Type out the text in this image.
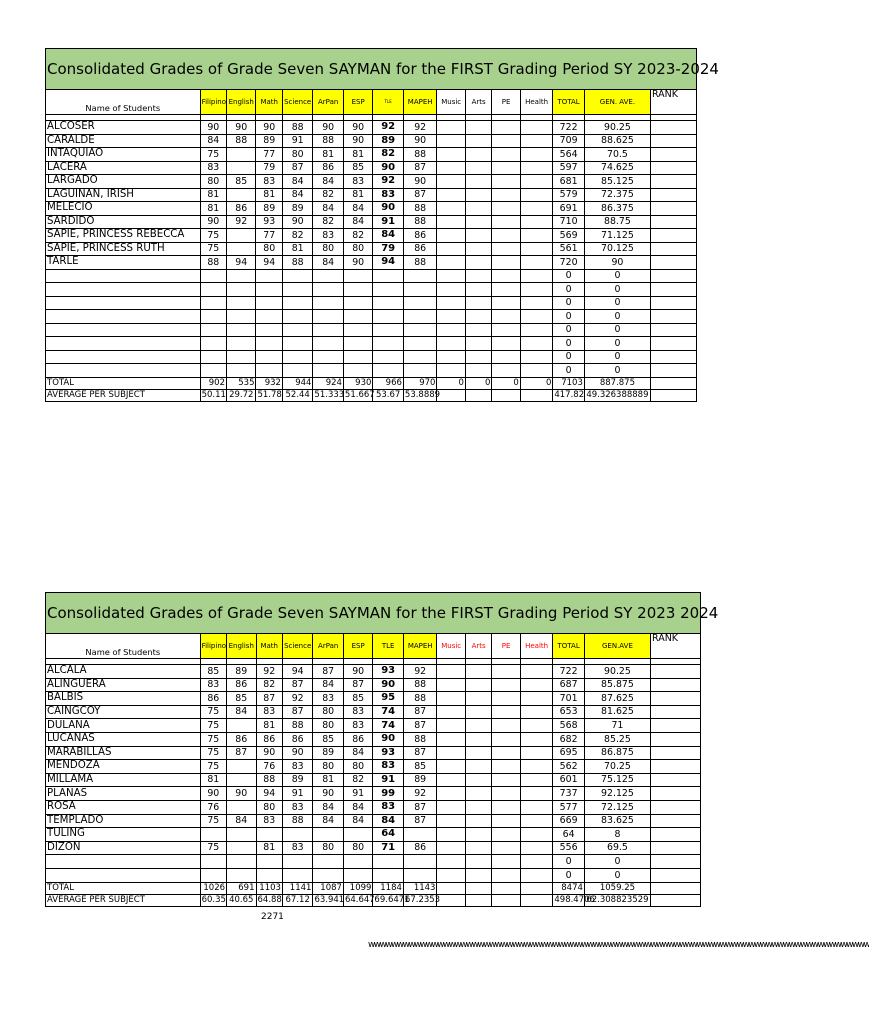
Consolidated Grades of Grade Seven SAYMAN for the FIRST Grading Period SY 2023-2024															
Name of Students	Filipino	English	Math	Science	ArPan	ESP	TLE	MAPEH	Music	Arts	PE	Health	TOTAL	GEN. AVE.	RANK

ALCOSER	90	90	90	88	90	90	92	92					722	90.25	
CARALDE	84	88	89	91	88	90	89	90					709	88.625	
INTAQUIAO	75		77	80	81	81	82	88					564	70.5	
LACERA	83		79	87	86	85	90	87					597	74.625	
LARGADO	80	85	83	84	84	83	92	90					681	85.125	
LAGUINAN, IRISH	81		81	84	82	81	83	87					579	72.375	
MELECIO	81	86	89	89	84	84	90	88					691	86.375	
SARDIDO	90	92	93	90	82	84	91	88					710	88.75	
SAPIE, PRINCESS REBECCA	75		77	82	83	82	84	86					569	71.125	
SAPIE, PRINCESS RUTH	75		80	81	80	80	79	86					561	70.125	
TARLE	88	94	94	88	84	90	94	88					720	90	
													0	0	
													0	0	
													0	0	
													0	0	
													0	0	
													0	0	
													0	0	
													0	0	
TOTAL	902	535	932	944	924	930	966	970	0	0	0	0	7103	887.875	
AVERAGE PER SUBJECT	50.11	29.72	51.78	52.44	51.333	51.667	53.67	53.8889					417.82	49.326388889	
Consolidated Grades of Grade Seven SAYMAN for the FIRST Grading Period SY 2023 2024															
Name of Students	Filipino	English	Math	Science	ArPan	ESP	TLE	MAPEH	Music	Arts	PE	Health	TOTAL	GEN.AVE	RANK

ALCALA	85	89	92	94	87	90	93	92					722	90.25	
ALINGUERA	83	86	82	87	84	87	90	88					687	85.875	
BALBIS	86	85	87	92	83	85	95	88					701	87.625	
CAINGCOY	75	84	83	87	80	83	74	87					653	81.625	
DULANA	75		81	88	80	83	74	87					568	71	
LUCANAS	75	86	86	86	85	86	90	88					682	85.25	
MARABILLAS	75	87	90	90	89	84	93	87					695	86.875	
MENDOZA	75		76	83	80	80	83	85					562	70.25	
MILLAMA	81		88	89	81	82	91	89					601	75.125	
PLANAS	90	90	94	91	90	91	99	92					737	92.125	
ROSA	76		80	83	84	84	83	87					577	72.125	
TEMPLADO	75	84	83	88	84	84	84	87					669	83.625	
TULING							64						64	8	
DIZON	75		81	83	80	80	71	86					556	69.5	
													0	0	
													0	0	
TOTAL	1026	691	1103	1141	1087	1099	1184	1143					8474	1059.25	
AVERAGE PER SUBJECT	60.35	40.65	64.88	67.12	63.941	64.647	69.6471	67.2353					498.4706	62.308823529	
2271
wwwwwwwwwwwwwwwwwwwwwwwwwwwwwwwwwwwwwwwwwwwwwwwwwwwwwwwwwwwwwwwwwwwwwwwwwwwwwwwwwwwwwww
